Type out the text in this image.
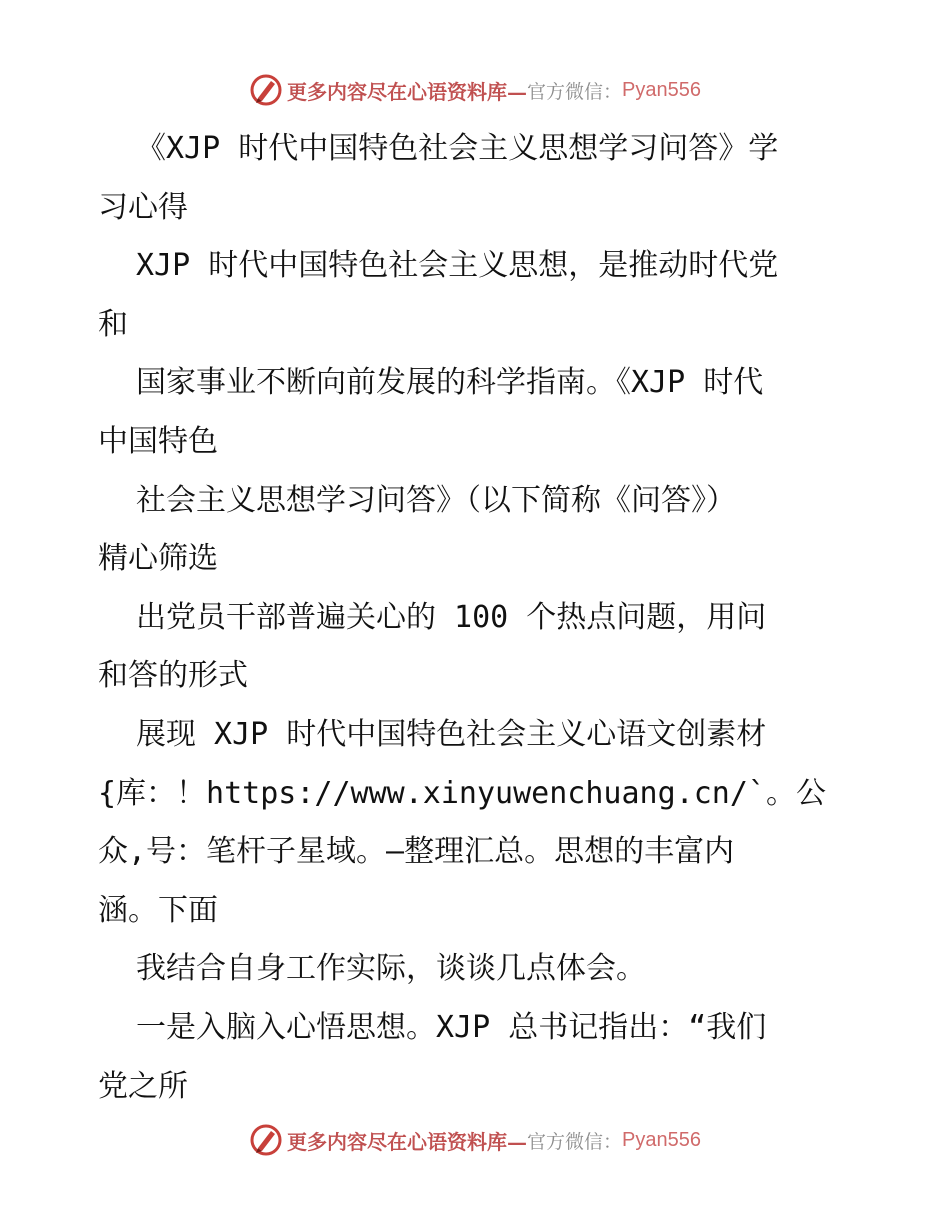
更多内容尽在心语资料库— 官方微信： Pyan556
《XJP 时代中国特色社会主义思想学习问答》学
习心得
XJP 时代中国特色社会主义思想，是推动时代党
和
国家事业不断向前发展的科学指南。《XJP 时代
中国特色
社会主义思想学习问答》（以下简称《问答》）
精心筛选
出党员干部普遍关心的 100 个热点问题，用问
和答的形式
展现 XJP 时代中国特色社会主义心语文创素材
{库：！https://www.xinyuwenchuang.cn/`。公
众,号：笔杆子星域。—整理汇总。思想的丰富内
涵。下面
我结合自身工作实际，谈谈几点体会。
一是入脑入心悟思想。XJP 总书记指出：“我们
党之所
更多内容尽在心语资料库— 官方微信： Pyan556
